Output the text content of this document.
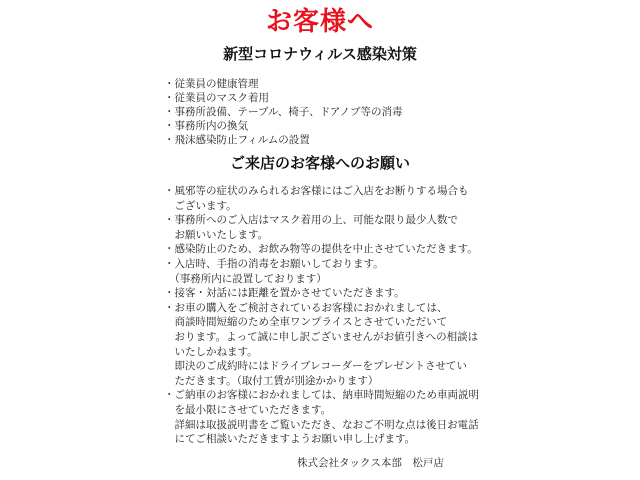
お客様へ
新型コロナウィルス感染対策
・従業員の健康管理
・従業員のマスク着用
・事務所設備、テーブル、椅子、ドアノブ等の消毒
・事務所内の換気
・飛沫感染防止フィルムの設置
ご来店のお客様へのお願い
・風邪等の症状のみられるお客様にはご入店をお断りする場合も
　ございます。
・事務所へのご入店はマスク着用の上、可能な限り最少人数で
　お願いいたします。
・感染防止のため、お飲み物等の提供を中止させていただきます。
・入店時、手指の消毒をお願いしております。
　（事務所内に設置しております）
・接客・対話には距離を置かさせていただきます。
・お車の購入をご検討されているお客様におかれましては、
　商談時間短縮のため全車ワンプライスとさせていただいて
　おります。よって誠に申し訳ございませんがお値引きへの相談は
　いたしかねます。
　即決のご成約時にはドライブレコーダーをプレゼントさせてい
　ただきます。（取付工賃が別途かかります）
・ご納車のお客様におかれましては、納車時間短縮のため車両説明
　を最小限にさせていただきます。
　詳細は取扱説明書をご覧いただき、なおご不明な点は後日お電話
　にてご相談いただきますようお願い申し上げます。
株式会社タックス本部　松戸店
